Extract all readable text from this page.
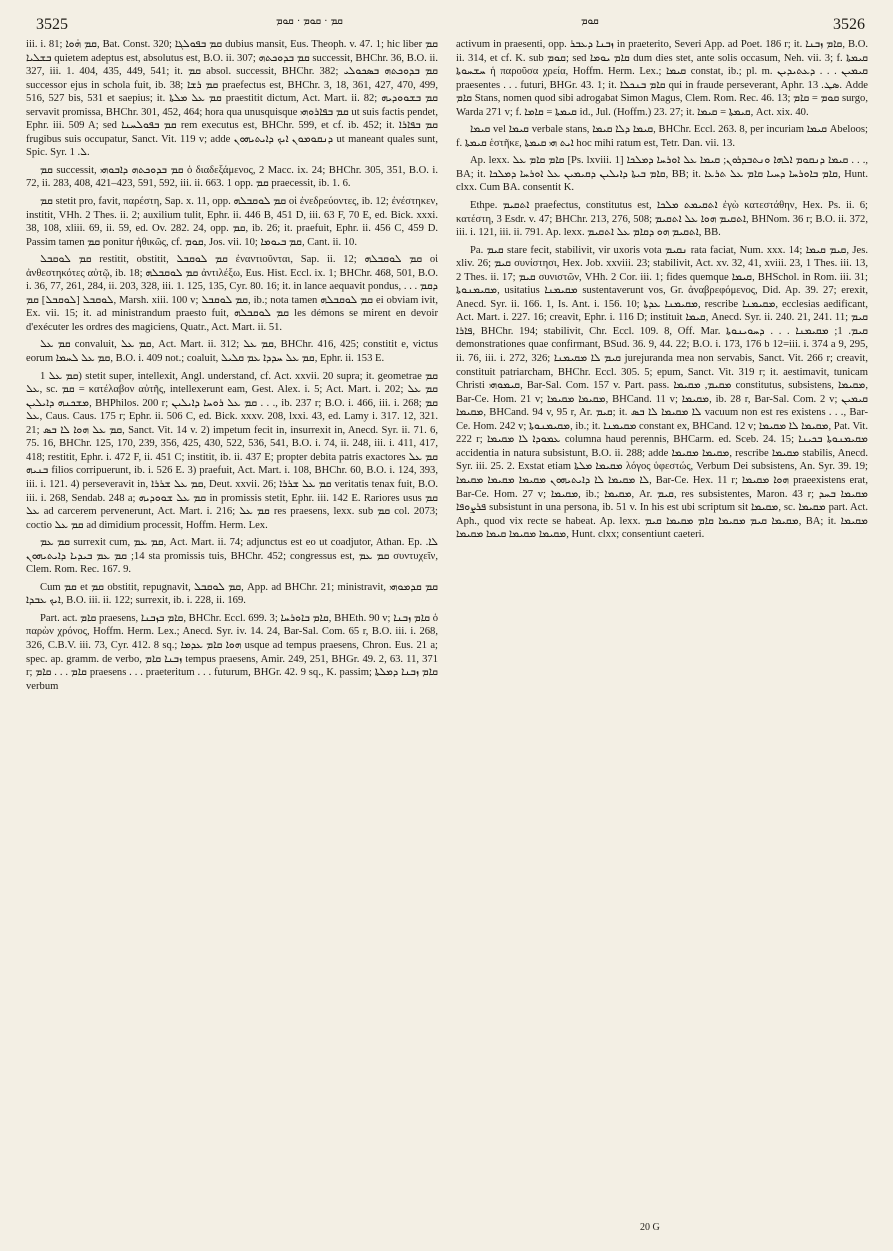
3525	ܩܡ · ܩܘܡ · ܩܘܡ	ܩܘܡ	3526

iii. i. 81; ܩܡ ܗ̇ܘܐ, Bat. Const. 320; ܩܡ ܒܦܘܠܓܐ dubius mansit, Eus. Theoph. v. 47. 1; hic liber ܩܡ ܒܫܠܝܐ quietem adeptus est, absolutus est, B.O. ii. 307; ܩܡ ܒܕܘܟܬܗ successit, BHChr. 36, B.O. ii. 327, iii. 1. 404, 435, 449, 541; it. ܩܡ absol. successit, BHChr. 382; ܩܡ ܒܕܘܟܬܗ ܒܣܟܘܠܝ successor ejus in schola fuit, ib. 38; ܩܡ ܪܫܐ praefectus est, BHChr. 3, 18, 361, 427, 470, 499, 516, 527 bis, 531 et saepius; it. ܩܡ ܥܠ ܡܠܬܐ praestitit dictum, Act. Mart. ii. 82; ܩܡ ܒܫܘܘܕܝܗ servavit promissa, BHChr. 301, 452, 464; hora qua unusquisque ܩܡ ܒܦܐܪܘܗܝ ut suis factis pendet, Ephr. iii. 509 A; sed ܩܡ ܒܦܘܠܚܢܐ rem executus est, BHChr. 599, et cf. ib. 452; it. ܩܡ ܒܦܐܪܐ frugibus suis occupatur, Sanct. Vit. 119 v; adde ܕܢܩܘܡܘܢ ܐܝܟ ܕܐܝܬܝܗܘܢ ut maneant quales sunt, Spic. Syr. ܠ. 1.

ܩܡ successit, ܩܡ ܒܕܘܟܬܗ ܕܐܒܘܗܝ ὁ διαδεξάμενος, 2 Macc. ix. 24; BHChr. 305, 351, B.O. i. 72, ii. 283, 408, 421–423, 591, 592, iii. ii. 663. 1 opp. ܩܡ praecessit, ib. 1. 6.

ܩܡ stetit pro, favit, παρέστη, Sap. x. 11, opp. ܩܡ ܠܘܩܒܠܗ οἱ ἐνεδρεύοντες, ib. 12; ἐνέστηκεν, institit, VHh. 2 Thes. ii. 2; auxilium tulit, Ephr. ii. 446 B, 451 D, iii. 63 F, 70 E, ed. Bick. xxxi. 38, 108, xliii. 69, ii. 59, ed. Ov. 282. 24, opp. ܩܡ, ib. 26; it. praefuit, Ephr. ii. 456 C, 459 D. Passim tamen ܩܡ ponitur ἠθικῶς, cf. ܩܘܡ, Jos. vii. 10; ܩܡ ܒܝܘܡܐ, Cant. ii. 10.

ܩܡ ܠܘܩܒܠ restitit, obstitit, ܩܡ ܠܘܩܒܠ ἐναντιοῦνται, Sap. ii. 12; ܩܡ ܠܘܩܒܠܗ οἱ ἀνθεστηκότες αὐτῷ, ib. 18; ܩܡ ܠܘܩܒܠܗ ἀντιλέξω, Eus. Hist. Eccl. ix. 1; BHChr. 468, 501, B.O. i. 36, 77, 261, 284, ii. 203, 328, iii. 1. 125, 135, Cyr. 80. 16; it. in lance aequavit pondus, . . . ܕܩܡ ܠܘܩܒܠ [ܠܘܩܒܠ] ܩܡ, Marsh. xiii. 100 v; ܩܡ ܠܘܩܒܠ, ib.; nota tamen ܩܡ ܠܘܩܒܠܗ ei obviam ivit, Ex. vii. 15; it. ad ministrandum praesto fuit, ܩܡ ܠܘܩܒܠܗ les démons se mirent en devoir d'exécuter les ordres des magiciens, Quatr., Act. Mart. ii. 51.

ܩܡ ܥܠ convaluit, ܩܡ ܥܠ, Act. Mart. ii. 312; ܩܡ ܥܠ, BHChr. 416, 425; constitit e, victus eorum ܩܡ ܥܠ ܠܚܡܐ, B.O. i. 409 not.; coaluit, ܩܡ ܥܠ ܚܕܕܐ ܥܡ ܩܠܝܠ, Ephr. ii. 153 E.

ܩܡ ܥܠ 1) stetit super, intellexit, Angl. understand, cf. Act. xxvii. 20 supra; it. geometrae ܩܡ ܥܠ, sc. ܩܡ = κατέλαβον αὐτῆς, intellexerunt eam, Gest. Alex. i. 5; Act. Mart. i. 202; ܩܡ ܥܠ ܡܫܟܢܗ ܕܐܝܠܝܢ, BHPhilos. 200 r; ܩܡ ܥܠ ܪܘܚܐ ܕܐܝܠܝܢ . . ., ib. 237 r; B.O. i. 466, iii. i. 268; ܩܡ ܥܠ, Caus. Caus. 175 r; Ephr. ii. 506 C, ed. Bick. xxxv. 208, lxxi. 43, ed. Lamy i. 317. 12, 321. 21; ܩܡ ܥܠ ܗܘܐ ܠܐ ܒܣ, Sanct. Vit. 14 v. 2) impetum fecit in, insurrexit in, Anecd. Syr. ii. 71. 6, 75. 16, BHChr. 125, 170, 239, 356, 425, 430, 522, 536, 541, B.O. i. 74, ii. 248, iii. i. 411, 417, 418; restitit, Ephr. i. 472 F, ii. 451 C; institit, ib. ii. 437 E; propter debita patris exactores ܩܡ ܥܠ ܒܢܝܗ filios corripuerunt, ib. i. 526 E. 3) praefuit, Act. Mart. i. 108, BHChr. 60, B.O. i. 124, 393, iii. i. 121. 4) perseveravit in, ܩܡ ܥܠ ܫܪܪܐ, Deut. xxvii. 26; ܩܡ ܥܠ ܫܪܪܐ veritatis tenax fuit, B.O. iii. i. 268, Sendab. 248 a; ܩܡ ܥܠ ܫܘܘܕܝܗ in promissis stetit, Ephr. iii. 142 E. Rariores usus ܩܡ ܥܠ ad carcerem pervenerunt, Act. Mart. i. 216; ܩܡ ܥܠ res praesens, lexx. sub ܩܡ col. 2073; coctio ܩܡ ܥܠ ad dimidium processit, Hoffm. Herm. Lex.

ܩܡ ܥܡ surrexit cum, ܩܡ ܥܡ, Act. Mart. ii. 74; adjunctus est eo ut coadjutor, Athan. Ep. ܠܐ. 14; ܩܡ ܥܡ ܒܝܕܝܐ ܕܐܝܬܝܗܘܢ sta promissis tuis, BHChr. 452; congressus est, ܩܡ ܥܡ συντυχεῖν, Clem. Rom. Rec. 167. 9.

Cum ܩܡ et ܩܡ obstitit, repugnavit, ܩܡ ܠܘܩܒܠ, App. ad BHChr. 21; ministravit, ܩܡ ܩܕܡܘܗܝ ܐܝܟ ܥܒܕܐ, B.O. iii. ii. 122; surrexit, ib. i. 228, ii. 169.

Part. act. ܩܐܡ praesens, ܩܐܡ ܒܙܒܢܐ, BHChr. Eccl. 699. 3; ܩܐܡ ܒܐܘܪܚܐ, BHEth. 90 v; ܩܐܡ ܙܒܢܐ ὁ παρὼν χρόνος, Hoffm. Herm. Lex.; Anecd. Syr. iv. 14. 24, Bar-Sal. Com. 65 r, B.O. iii. i. 268, 326, C.B.V. iii. 73, Cyr. 412. 8 sq.; ܗܘܐ ܩܐܡ ܥܕܡܐ usque ad tempus praesens, Chron. Eus. 21 a; spec. ap. gramm. de verbo, ܙܒܢܐ ܩܐܡ tempus praesens, Amir. 249, 251, BHGr. 49. 2, 63. 11, 371 r; ܩܐܡ . . . ܩܐܡ praesens . . . praeteritum . . . futurum, BHGr. 42. 9 sq., K. passim; ܩܐܡ ܙܒܢܐ ܕܡܠܬܐ verbum

activum in praesenti, opp. ܙܒܢܐ ܕܥܒܪ in praeterito, Severi App. ad Poet. 186 r; it. ܩܐܡ ܙܒܢܐ, B.O. ii. 314, et cf. K. sub ܩܘܡ; sed ܩܐܡ ܝܘܡܐ dum dies stet, ante solis occasum, Neh. vii. 3; f. ܩܝܡܬܐ ܚܫܚܘܬܐ ἡ παροῦσα χρεία, Hoffm. Herm. Lex.; ܩܝܡܐ constat, ib.; pl. m. ܩܝܡܝܢ . . . ܕܥܬܝܕܝܢ praesentes . . . futuri, BHGr. 43. 1; it. ܩܐܡ ܒܢܟܠܐ qui in fraude perseverant, Aphr. ܣܛ. 13. Adde ܩܐܡ Stans, nomen quod sibi adrogabat Simon Magus, Clem. Rom. Rec. 46. 13; ܩܘܡ = ܩܐܡ surgo, Warda 271 v; f. ܩܝܡܬܐ = ܩܐܡܐ id., Jul. (Hoffm.) 23. 27; it. ܩܝܡܬܐ = ܩܝܡܐ, Act. xix. 40.

ܩܝܡܐ vel ܩܝܡܐ verbale stans, ܩܝܡܐ ܕܠܐ ܩܝܡܐ, BHChr. Eccl. 263. 8, per incuriam ܩܝܡܐ Abeloos; f. ܩܝܡܬܐ ἑστῆκε, ܐܝܬ ܗܝ ܩܝܡܬܐ hoc mihi ratum est, Tetr. Dan. vii. 13.

Ap. lexx. ܩܐܡ ܩܐܡ ܥܠ [Ps. lxviii. 1] ܩܝܡܐ ܕܢܩܘܡ ܐܠܗܐ ܘܢܬܒܕܪܘܢ; ܩܝܡܐ ܥܠ ܐܘܪܚܐ ܕܡܠܟܐ . . ., BA; it. ܩܐܡ ܒܝܬܐ ܕܐܝܠܝܢ ܕܩܝܡܝܢ ܥܠ ܐܘܪܚܐ ܕܡܠܟܐ, BB; it. ܩܐܡ ܒܐܘܪܚܐ ܕܚܝܐ ܩܐܡ ܥܠ ܬܪܥܐ, Hunt. clxx. Cum BA. consentit K.

Ethpe. ܐܬܩܝܡ praefectus, constitutus est, ܐܬܩܝܡܬ ܡܠܟܐ ἐγὼ κατεστάθην, Hex. Ps. ii. 6; κατέστη, 3 Esdr. v. 47; BHChr. 213, 276, 508; ܐܬܩܝܡ ܗܘܐ ܥܠ ܐܬܩܝܡ, BHNom. 36 r; B.O. ii. 372, iii. i. 121, iii. ii. 791. Ap. lexx. ܐܬܩܝܡ ܗܘ ܕܩܐܡ ܥܠ ܐܬܩܝܡ, BB.

Pa. ܩܝܡ stare fecit, stabilivit, vir uxoris vota ܢܩܝܡ rata faciat, Num. xxx. 14; ܩܝܡ ܩܝܡܐ, Jes. xliv. 26; ܩܝܡ συνίστησι, Hex. Job. xxviii. 23; stabilivit, Act. xv. 32, 41, xviii. 23, 1 Thes. iii. 13, 2 Thes. ii. 17; ܩܝܡ συνιστῶν, VHh. 2 Cor. iii. 1; fides quemque ܩܝܡܐ, BHSchol. in Rom. iii. 31; ܡܩܝܡܢܘܬܐ, usitatius ܡܩܝܡܢܐ sustentaverunt vos, Gr. ἀναβρεφόμενος, Did. Ap. 39. 27; erexit, Anecd. Syr. ii. 166. 1, Is. Ant. i. 156. 10; ܡܩܝܡܢܐ ܥܕܬܐ, rescribe ܡܩܝܡܢܐ, ecclesias aedificant, Act. Mart. i. 227. 16; creavit, Ephr. i. 116 D; instituit ܩܝܡܐ, Anecd. Syr. ii. 240. 21, 241. 11; ܩܝܡ ܦܐܪܐ, BHChr. 194; stabilivit, Chr. Eccl. 109. 8, Off. Mar. ܩܝܡ. 1; ܡܩܝܡܢܐ . . . ܕܚܘܝܢܘܬܐ demonstrationes quae confirmant, BSud. 36. 9, 44. 22; B.O. i. 173, 176 b 12=iii. i. 374 a 9, 295, ii. 76, iii. i. 272, 326; ܩܝܡ ܠܐ ܡܩܝܡܢܐ jurejuranda mea non servabis, Sanct. Vit. 266 r; creavit, constituit patriarcham, BHChr. Eccl. 305. 5; epum, Sanct. Vit. 319 r; it. aestimavit, tunicam Christi ܩܝܡܘܗܝ, Bar-Sal. Com. 157 v. Part. pass. ܡܩܝܡ, ܡܩܝܡܐ constitutus, subsistens, ܡܩܝܡܐ, Bar-Ce. Hom. 21 v; ܡܩܝܡܐ ܡܩܝܡܐ, BHCand. 11 v; ܡܩܝܡܐ, ib. 28 r, Bar-Sal. Com. 2 v; ܩܝܡܝܢ ܡܩܝܡܐ, BHCand. 94 v, 95 r, Ar. ܩܝܡ; it. ܠܐ ܡܩܝܡܐ ܠܐ ܒܣ vacuum non est res existens . . ., Bar-Ce. Hom. 242 v; ܡܩܝܡܢܘܬܐ, ib.; it. ܡܩܝܡܢܐ constant ex, BHCand. 12 v; ܡܩܝܡܐ ܠܐ ܡܩܝܡܐ, Pat. Vit. 222 r; ܥܡܘܕܐ ܠܐ ܡܩܝܡܐ columna haud perennis, BHCarm. ed. Sceb. 24. 15; ܡܩܝܡܢܘܬܐ ܒܟܝܢܐ accidentia in natura subsistunt, B.O. ii. 288; adde ܡܩܝܡܐ ܡܩܝܡܐ, rescribe ܡܩܝܡܐ stabilis, Anecd. Syr. iii. 25. 2. Exstat etiam ܡܩܝܡܐ ܡܠܬܐ λόγος ὑφεστώς, Verbum Dei subsistens, An. Syr. 39. 19; ܠܐ ܡܩܝܡܐ ܠܐ ܕܐܝܬܝܗܘܢ ܡܩܝܡܐ ܡܩܝܡܐ ܡܩܝܡܐ, Bar-Ce. Hex. 11 r; ܗܘܐ ܡܩܝܡܐ praeexistens erat, Bar-Ce. Hom. 27 v; ܡܩܝܡܐ, ib.; ܡܩܝܡܐ, Ar. ܩܝܡ, res subsistentes, Maron. 43 r; ܡܩܝܡܐ ܒܚܕ ܦܪܨܘܦܐ subsistunt in una persona, ib. 51 v. In his est ubi scriptum sit ܡܩܝܡܐ, sc. ܡܩܝܡܐ part. Act. Aph., quod vix recte se habeat. Ap. lexx. ܡܩܝܡܐ ܩܝܡ ܡܩܝܡܐ ܩܐܡ ܡܩܝܡܐ ܩܝܡ, BA; it. ܡܩܝܡܐ ܡܩܝܡܐ ܡܩܝܡܐ ܩܝܡܐ ܡܩܝܡܐ, Hunt. clxx; consentiunt caeteri.

20 G
